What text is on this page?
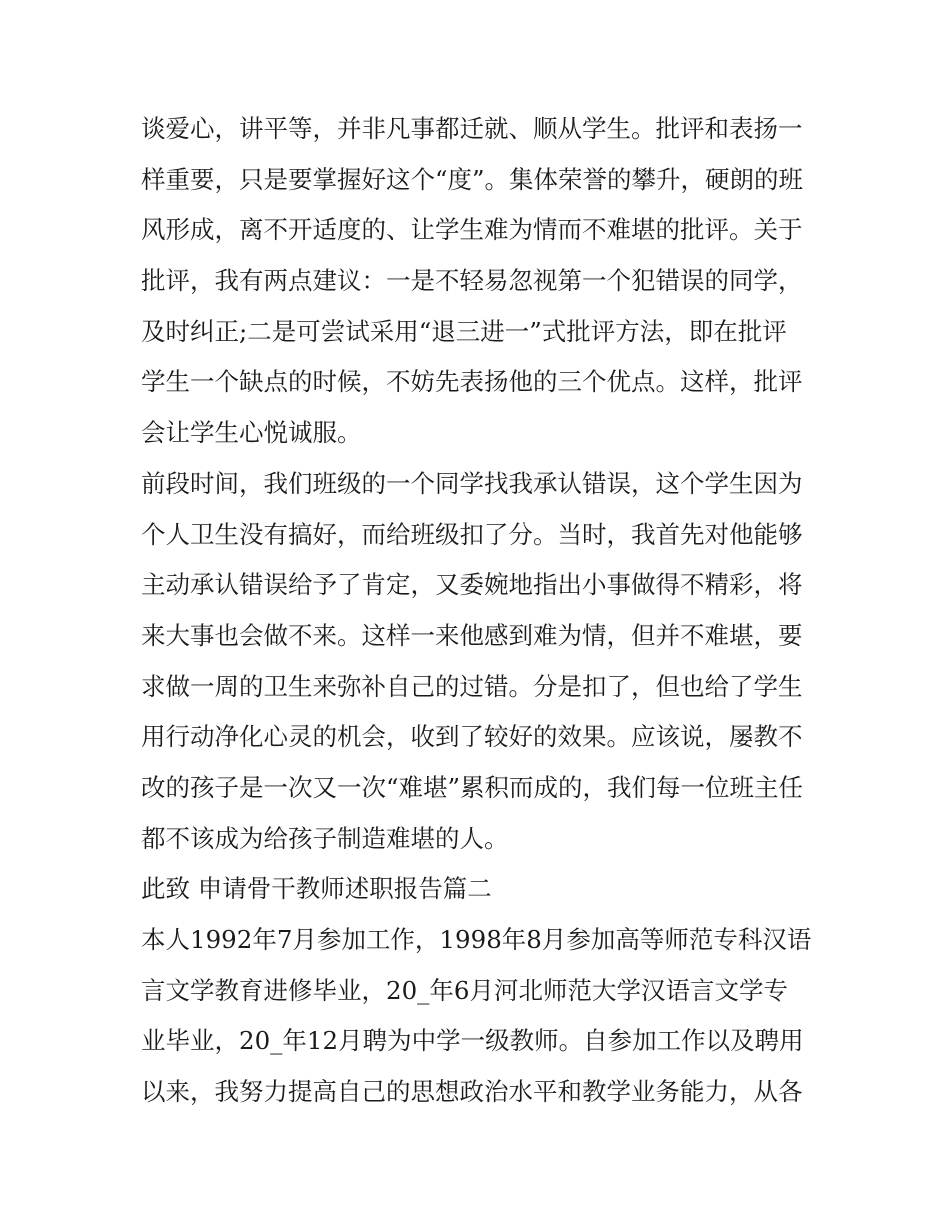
谈爱心，讲平等，并非凡事都迁就、顺从学生。批评和表扬一
样重要，只是要掌握好这个“度”。集体荣誉的攀升，硬朗的班
风形成，离不开适度的、让学生难为情而不难堪的批评。关于
批评，我有两点建议：一是不轻易忽视第一个犯错误的同学，
及时纠正;二是可尝试采用“退三进一”式批评方法，即在批评
学生一个缺点的时候，不妨先表扬他的三个优点。这样，批评
会让学生心悦诚服。
前段时间，我们班级的一个同学找我承认错误，这个学生因为
个人卫生没有搞好，而给班级扣了分。当时，我首先对他能够
主动承认错误给予了肯定，又委婉地指出小事做得不精彩，将
来大事也会做不来。这样一来他感到难为情，但并不难堪，要
求做一周的卫生来弥补自己的过错。分是扣了，但也给了学生
用行动净化心灵的机会，收到了较好的效果。应该说，屡教不
改的孩子是一次又一次“难堪”累积而成的，我们每一位班主任
都不该成为给孩子制造难堪的人。
此致 申请骨干教师述职报告篇二
本人1992年7月参加工作，1998年8月参加高等师范专科汉语
言文学教育进修毕业，20_年6月河北师范大学汉语言文学专
业毕业，20_年12月聘为中学一级教师。自参加工作以及聘用
以来，我努力提高自己的思想政治水平和教学业务能力，从各
